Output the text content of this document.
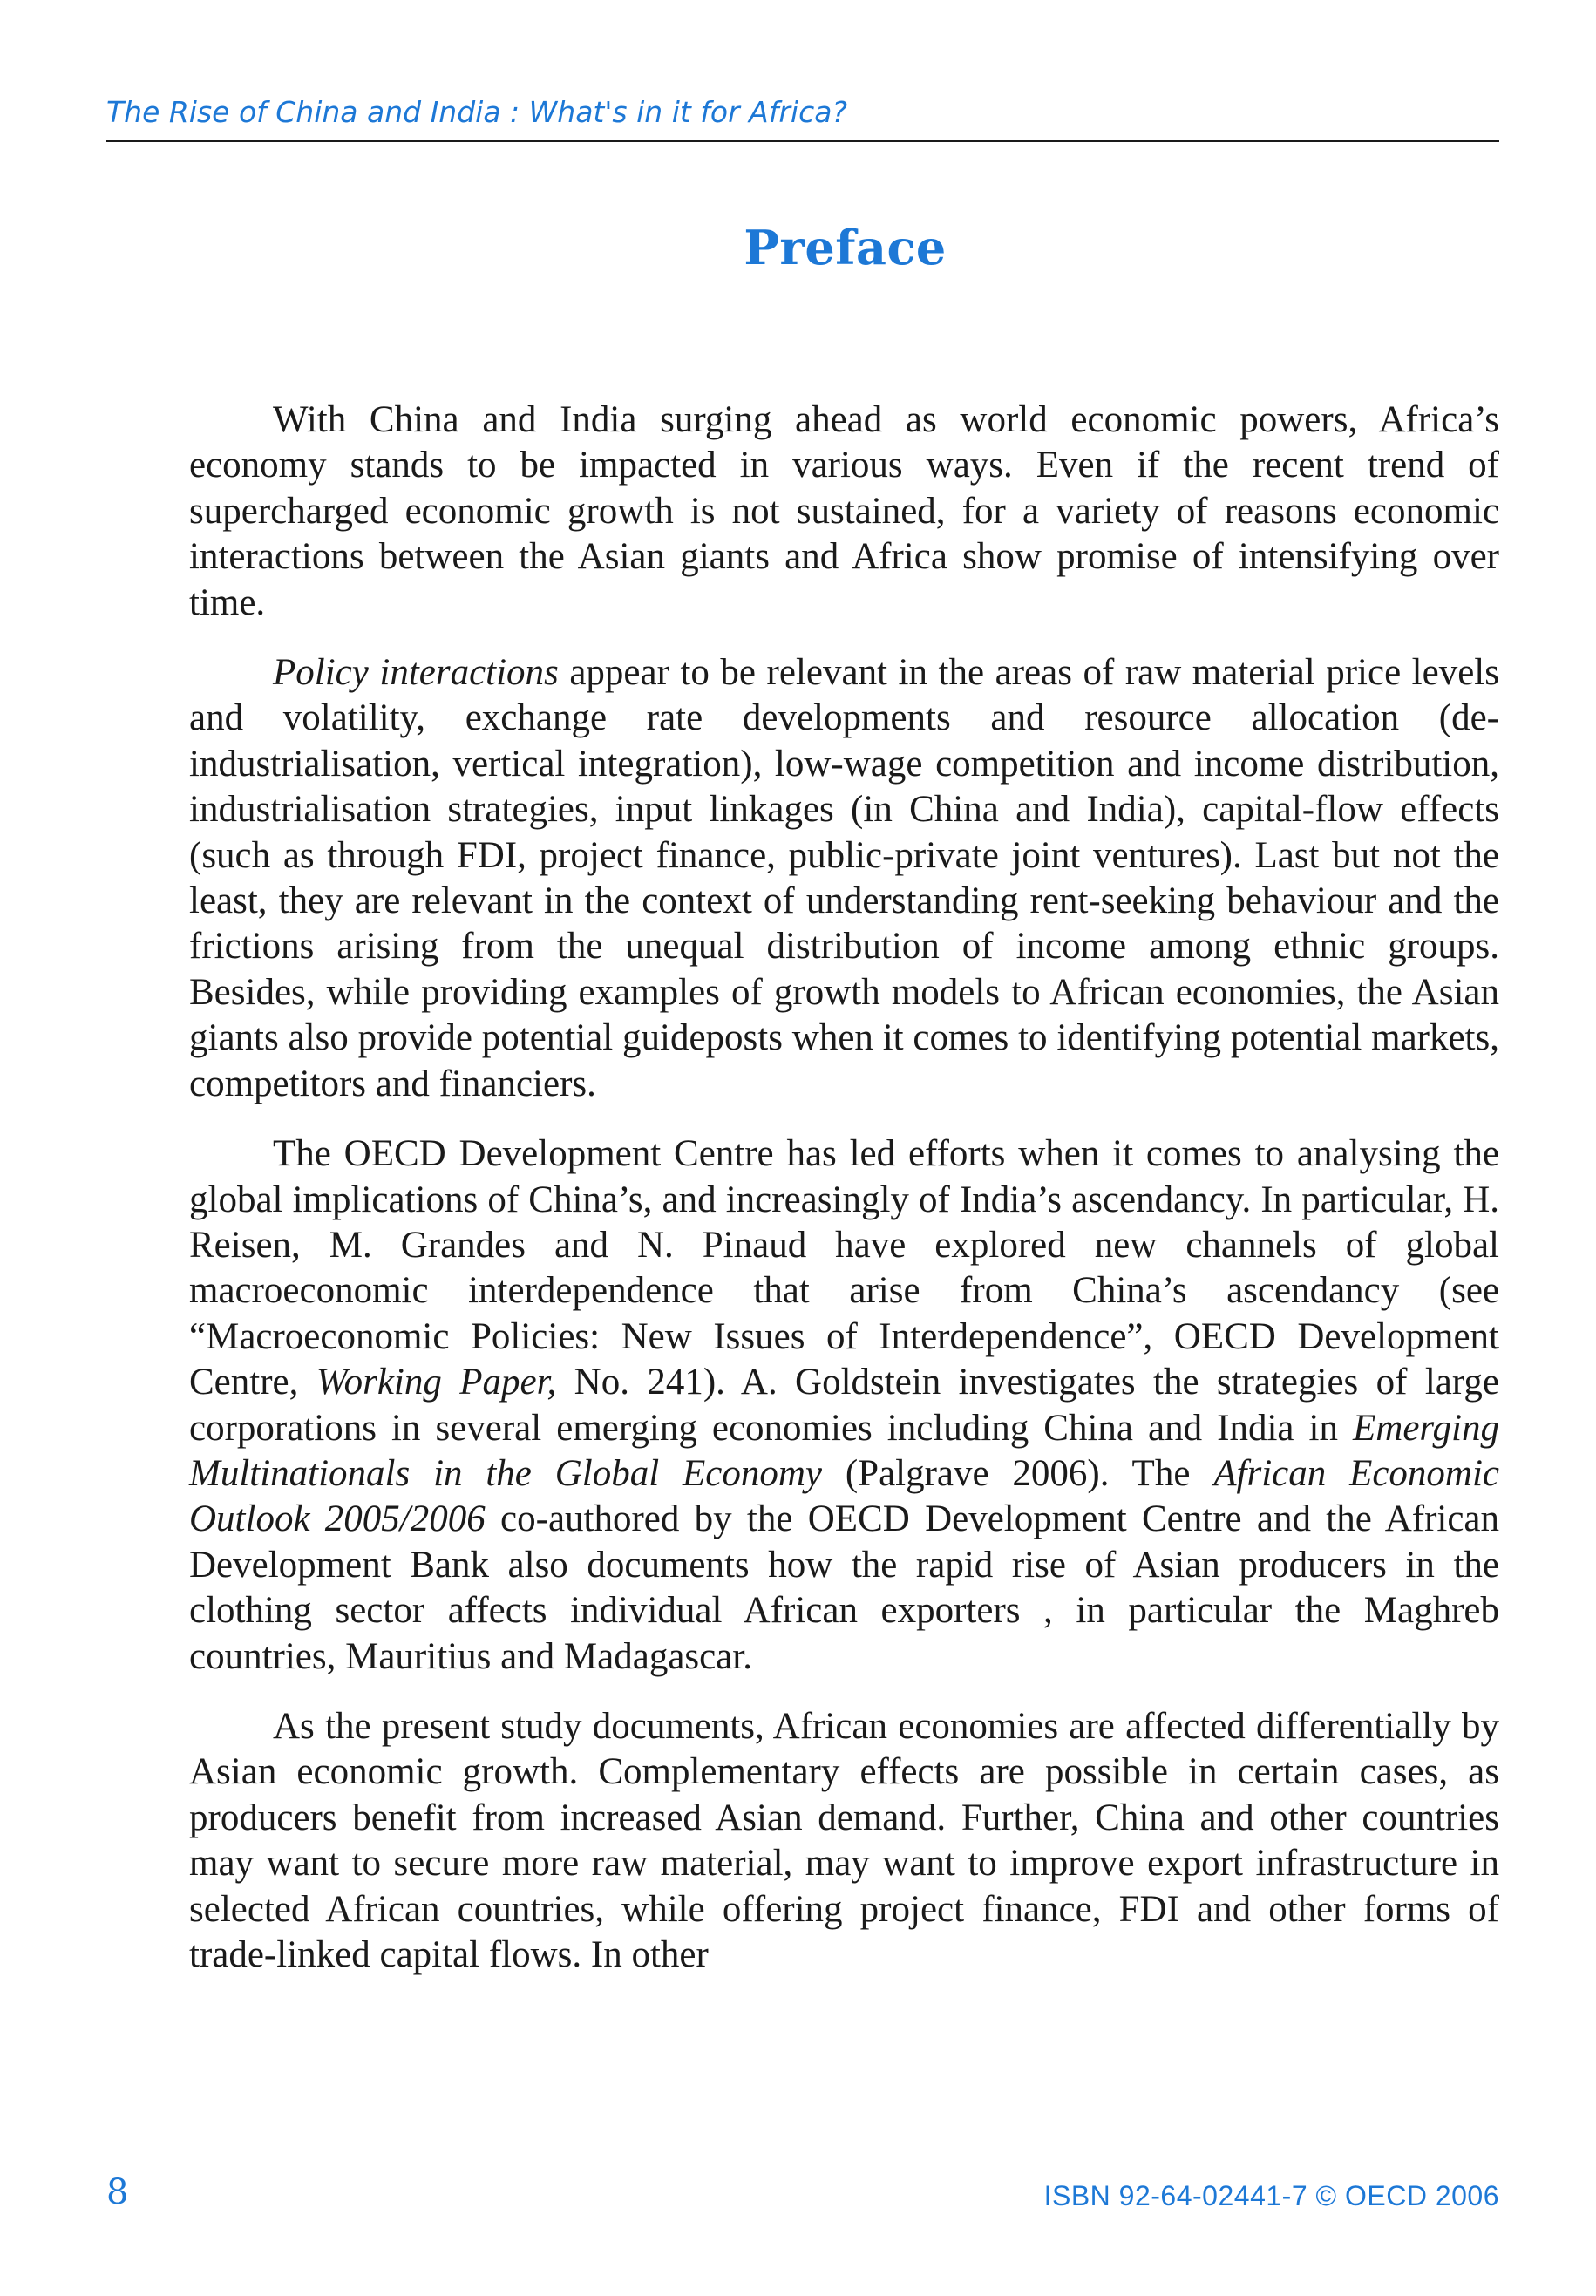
The Rise of China and India : What's in it for Africa?
Preface

With China and India surging ahead as world economic powers, Africa’s economy stands to be impacted in various ways. Even if the recent trend of supercharged economic growth is not sustained, for a variety of reasons economic interactions between the Asian giants and Africa show promise of intensifying over time.

Policy interactions appear to be relevant in the areas of raw material price levels and volatility, exchange rate developments and resource allocation (de-industrialisation, vertical integration), low-wage competition and income distribution, industrialisation strategies, input linkages (in China and India), capital-flow effects (such as through FDI, project finance, public-private joint ventures). Last but not the least, they are relevant in the context of understanding rent-seeking behaviour and the frictions arising from the unequal distribution of income among ethnic groups. Besides, while providing examples of growth models to African economies, the Asian giants also provide potential guideposts when it comes to identifying potential markets, competitors and financiers.

The OECD Development Centre has led efforts when it comes to analysing the global implications of China’s, and increasingly of India’s ascendancy. In particular, H. Reisen, M. Grandes and N. Pinaud have explored new channels of global macroeconomic interdependence that arise from China’s ascendancy (see “Macroeconomic Policies: New Issues of Interdependence”, OECD Development Centre, Working Paper, No. 241). A. Goldstein investigates the strategies of large corporations in several emerging economies including China and India in Emerging Multinationals in the Global Economy (Palgrave 2006). The African Economic Outlook 2005/2006 co-authored by the OECD Development Centre and the African Development Bank also documents how the rapid rise of Asian producers in the clothing sector affects individual African exporters , in particular the Maghreb countries, Mauritius and Madagascar.

As the present study documents, African economies are affected differentially by Asian economic growth. Complementary effects are possible in certain cases, as producers benefit from increased Asian demand. Further, China and other countries may want to secure more raw material, may want to improve export infrastructure in selected African countries, while offering project finance, FDI and other forms of trade-linked capital flows. In other

8	ISBN 92-64-02441-7 © OECD 2006
